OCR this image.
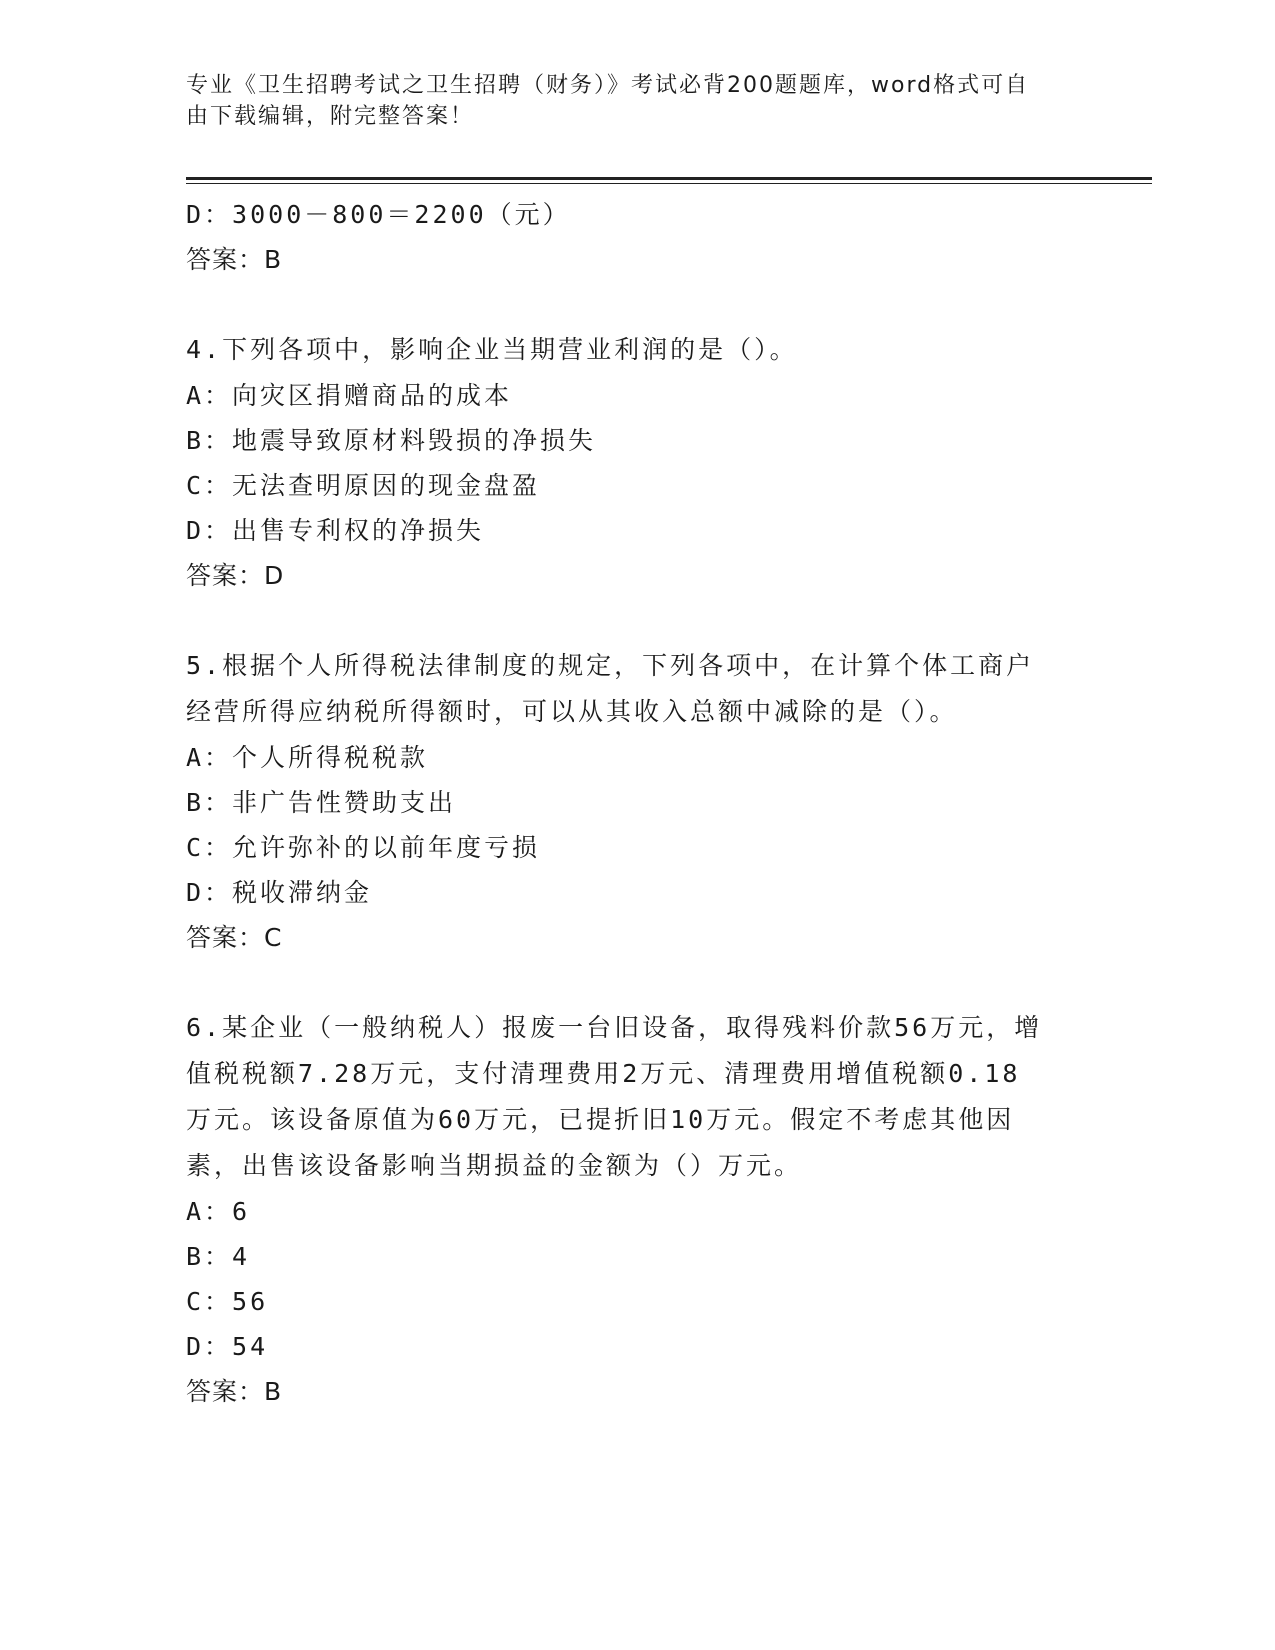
专业《卫生招聘考试之卫生招聘（财务）》考试必背200题题库，word格式可自
由下载编辑，附完整答案！
D：3000－800＝2200（元）
答案：B
4.下列各项中，影响企业当期营业利润的是（）。
A：向灾区捐赠商品的成本
B：地震导致原材料毁损的净损失
C：无法查明原因的现金盘盈
D：出售专利权的净损失
答案：D
5.根据个人所得税法律制度的规定，下列各项中，在计算个体工商户
经营所得应纳税所得额时，可以从其收入总额中减除的是（）。
A：个人所得税税款
B：非广告性赞助支出
C：允许弥补的以前年度亏损
D：税收滞纳金
答案：C
6.某企业（一般纳税人）报废一台旧设备，取得残料价款56万元，增
值税税额7.28万元，支付清理费用2万元、清理费用增值税额0.18
万元。该设备原值为60万元，已提折旧10万元。假定不考虑其他因
素，出售该设备影响当期损益的金额为（）万元。
A：6
B：4
C：56
D：54
答案：B
